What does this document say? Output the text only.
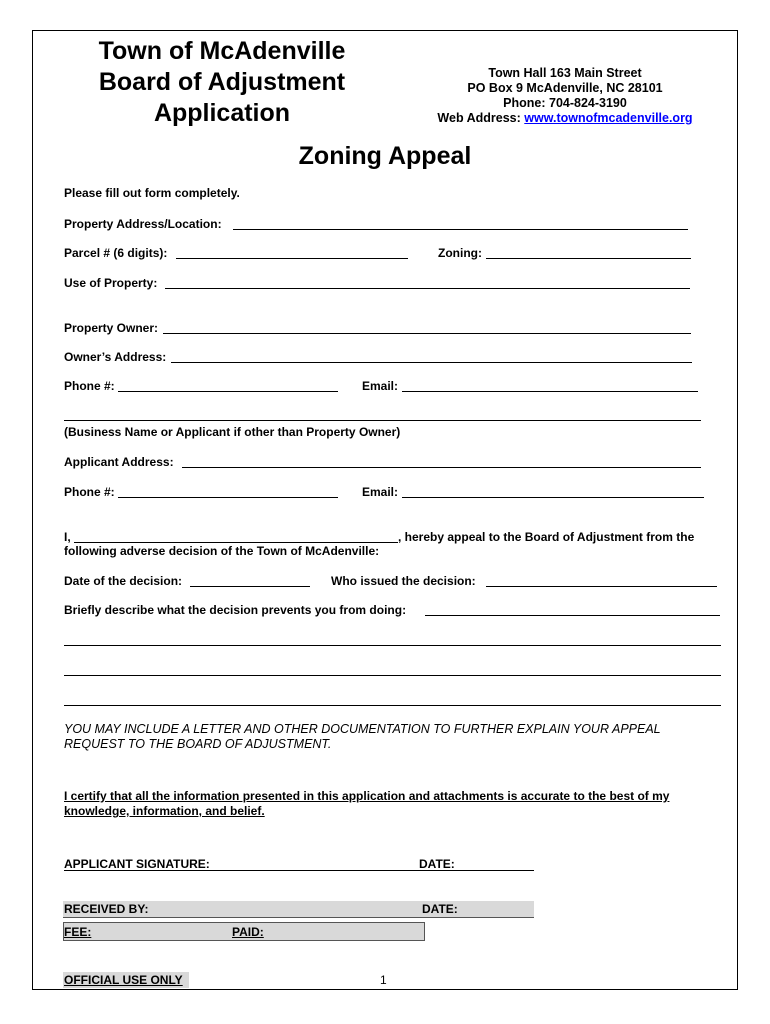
Town of McAdenville
Board of Adjustment
Application
Town Hall 163 Main Street
PO Box 9 McAdenville, NC 28101
Phone: 704-824-3190
Web Address: www.townofmcadenville.org
Zoning Appeal
Please fill out form completely.
Property Address/Location:
Parcel # (6 digits):	Zoning:
Use of Property:
Property Owner:
Owner’s Address:
Phone #:	Email:
(Business Name or Applicant if other than Property Owner)
Applicant Address:
Phone #:	Email:
I,	, hereby appeal to the Board of Adjustment from the
following adverse decision of the Town of McAdenville:
Date of the decision:	Who issued the decision:
Briefly describe what the decision prevents you from doing:
YOU MAY INCLUDE A LETTER AND OTHER DOCUMENTATION TO FURTHER EXPLAIN YOUR APPEAL REQUEST TO THE BOARD OF ADJUSTMENT.
I certify that all the information presented in this application and attachments is accurate to the best of my knowledge, information, and belief.
APPLICANT SIGNATURE:	DATE:
RECEIVED BY:	DATE:
FEE:	PAID:
OFFICIAL USE ONLY	1
